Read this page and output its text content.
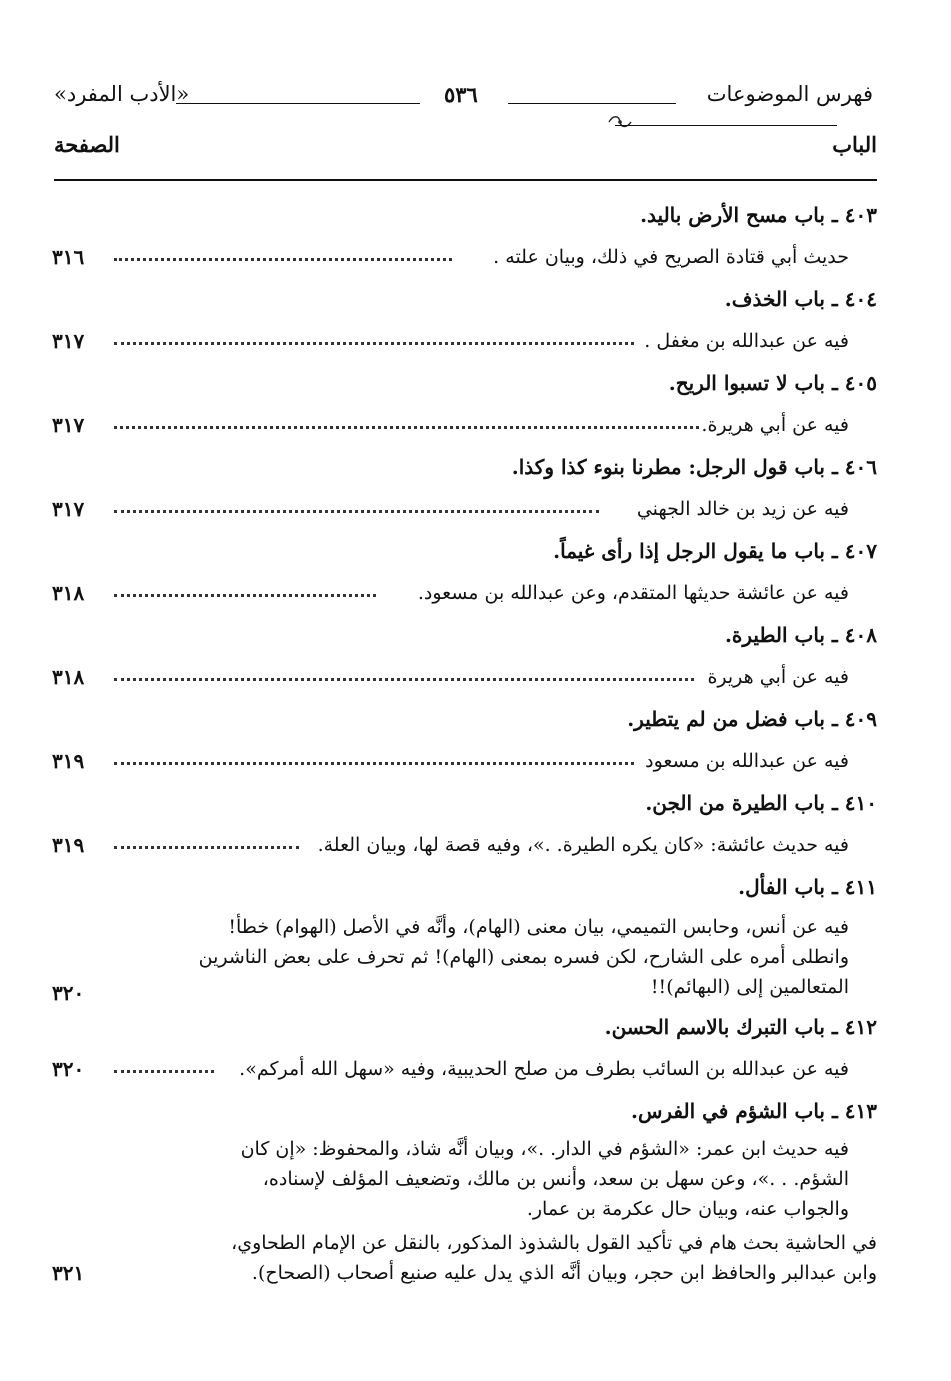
فهرس الموضوعات
٥٣٦
«الأدب المفرد»
الباب
الصفحة
٤٠٣ ـ باب مسح الأرض باليد.
حديث أبي قتادة الصريح في ذلك، وبيان علته .
٣١٦
٤٠٤ ـ باب الخذف.
فيه عن عبدالله بن مغفل .
٣١٧
٤٠٥ ـ باب لا تسبوا الريح.
فيه عن أبي هريرة.
٣١٧
٤٠٦ ـ باب قول الرجل: مطرنا بنوء كذا وكذا.
فيه عن زيد بن خالد الجهني
٣١٧
٤٠٧ ـ باب ما يقول الرجل إذا رأى غيماً.
فيه عن عائشة حديثها المتقدم، وعن عبدالله بن مسعود.
٣١٨
٤٠٨ ـ باب الطيرة.
فيه عن أبي هريرة
٣١٨
٤٠٩ ـ باب فضل من لم يتطير.
فيه عن عبدالله بن مسعود
٣١٩
٤١٠ ـ باب الطيرة من الجن.
فيه حديث عائشة: «كان يكره الطيرة. .»، وفيه قصة لها، وبيان العلة.
٣١٩
٤١١ ـ باب الفأل.
فيه عن أنس، وحابس التميمي، بيان معنى (الهام)، وأنَّه في الأصل (الهوام) خطأ!
وانطلى أمره على الشارح، لكن فسره بمعنى (الهام)! ثم تحرف على بعض الناشرين
المتعالمين إلى (البهائم)!!
٣٢٠
٤١٢ ـ باب التبرك بالاسم الحسن.
فيه عن عبدالله بن السائب بطرف من صلح الحديبية، وفيه «سهل الله أمركم».
٣٢٠
٤١٣ ـ باب الشؤم في الفرس.
فيه حديث ابن عمر: «الشؤم في الدار. .»، وبيان أنَّه شاذ، والمحفوظ: «إن كان
الشؤم. . .»، وعن سهل بن سعد، وأنس بن مالك، وتضعيف المؤلف لإسناده،
والجواب عنه، وبيان حال عكرمة بن عمار.
في الحاشية بحث هام في تأكيد القول بالشذوذ المذكور، بالنقل عن الإمام الطحاوي،
وابن عبدالبر والحافظ ابن حجر، وبيان أنَّه الذي يدل عليه صنيع أصحاب (الصحاح).
٣٢١
